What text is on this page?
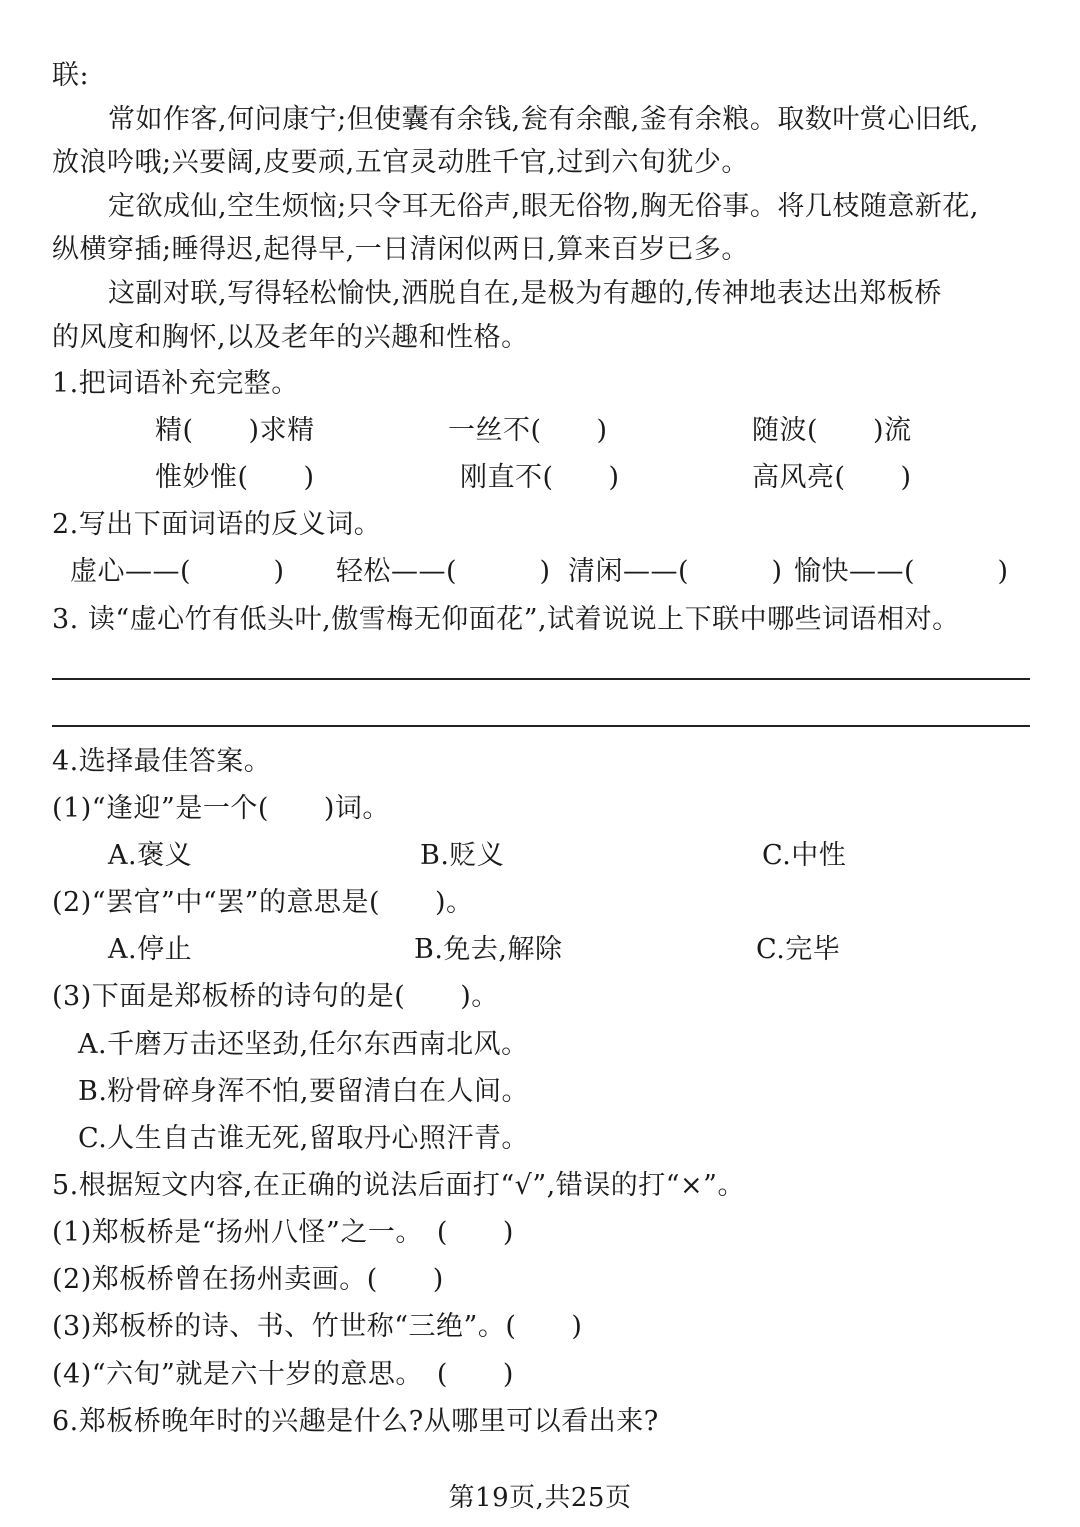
联:
常如作客,何问康宁;但使囊有余钱,瓮有余酿,釜有余粮。取数叶赏心旧纸,
放浪吟哦;兴要阔,皮要顽,五官灵动胜千官,过到六旬犹少。
定欲成仙,空生烦恼;只令耳无俗声,眼无俗物,胸无俗事。将几枝随意新花,
纵横穿插;睡得迟,起得早,一日清闲似两日,算来百岁已多。
这副对联,写得轻松愉快,洒脱自在,是极为有趣的,传神地表达出郑板桥
的风度和胸怀,以及老年的兴趣和性格。
1.把词语补充完整。
精(　　)求精	一丝不(　　)	随波(　　)流
惟妙惟(　　)	刚直不(　　)	高风亮(　　)
2.写出下面词语的反义词。
虚心——(　　　) 轻松——(　　　) 清闲——(　　　) 愉快——(　　　)
3. 读“虚心竹有低头叶,傲雪梅无仰面花”,试着说说上下联中哪些词语相对。
4.选择最佳答案。
(1)“逢迎”是一个(　　)词。
A.褒义	B.贬义	C.中性
(2)“罢官”中“罢”的意思是(　　)。
A.停止	B.免去,解除	C.完毕
(3)下面是郑板桥的诗句的是(　　)。
A.千磨万击还坚劲,任尔东西南北风。
B.粉骨碎身浑不怕,要留清白在人间。
C.人生自古谁无死,留取丹心照汗青。
5.根据短文内容,在正确的说法后面打“√”,错误的打“×”。
(1)郑板桥是“扬州八怪”之一。　(　　)
(2)郑板桥曾在扬州卖画。(　　)
(3)郑板桥的诗、书、竹世称“三绝”。(　　)
(4)“六旬”就是六十岁的意思。　(　　)
6.郑板桥晚年时的兴趣是什么?从哪里可以看出来?
第19页,共25页
